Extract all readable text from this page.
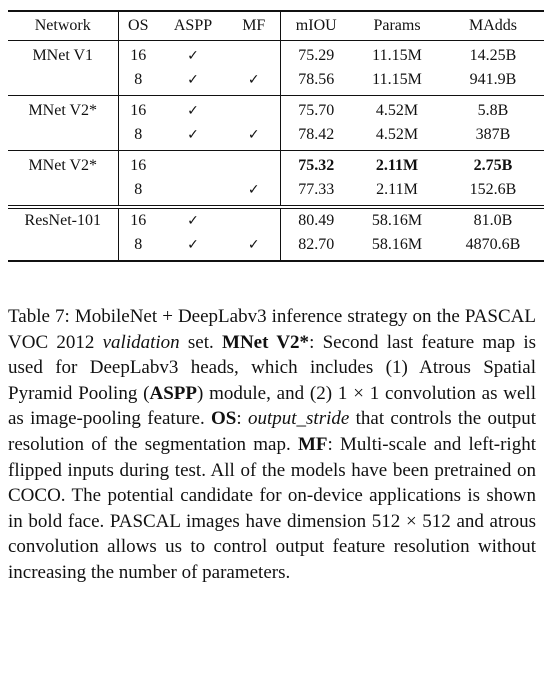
Network	OS	ASPP	MF	mIOU	Params	MAdds
MNet V1	16	✓		75.29	11.15M	14.25B
	8	✓	✓	78.56	11.15M	941.9B
MNet V2*	16	✓		75.70	4.52M	5.8B
	8	✓	✓	78.42	4.52M	387B
MNet V2*	16			75.32	2.11M	2.75B
	8		✓	77.33	2.11M	152.6B
ResNet-101	16	✓		80.49	58.16M	81.0B
	8	✓	✓	82.70	58.16M	4870.6B

Table 7: MobileNet + DeepLabv3 inference strategy on the PASCAL VOC 2012 validation set. MNet V2*: Second last feature map is used for DeepLabv3 heads, which includes (1) Atrous Spatial Pyramid Pooling (ASPP) module, and (2) 1 × 1 convolution as well as image-pooling feature. OS: output_stride that controls the output resolution of the segmentation map. MF: Multi-scale and left-right flipped inputs during test. All of the models have been pretrained on COCO. The potential candidate for on-device applications is shown in bold face. PASCAL images have dimension 512 × 512 and atrous convolution allows us to control output feature resolution without increasing the number of parameters.
